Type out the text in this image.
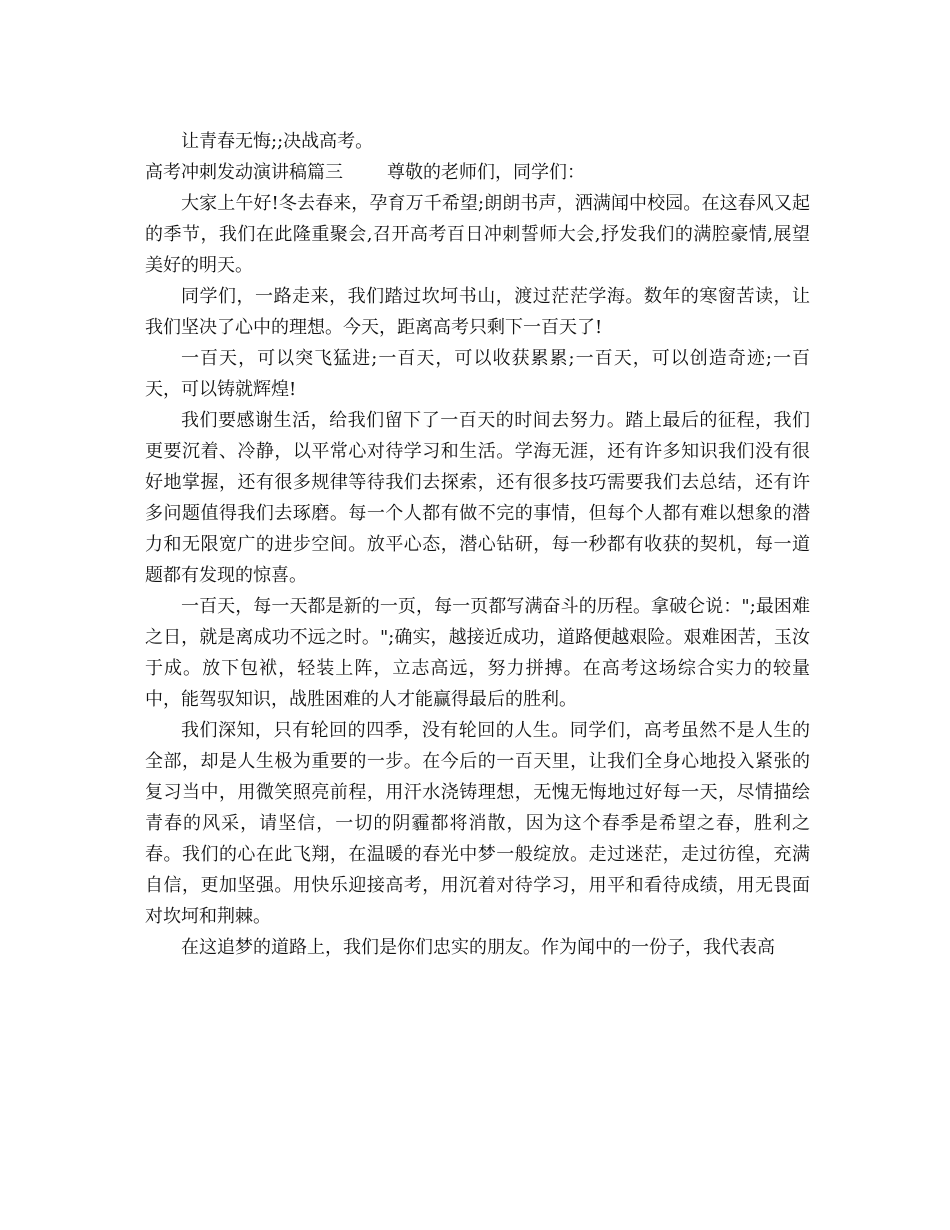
让青春无悔;;决战高考。

高考冲刺发动演讲稿篇三 尊敬的老师们，同学们：

大家上午好!冬去春来，孕育万千希望;朗朗书声，洒满闻中校园。在这春风又起的季节，我们在此隆重聚会,召开高考百日冲刺誓师大会,抒发我们的满腔豪情,展望美好的明天。

同学们，一路走来，我们踏过坎坷书山，渡过茫茫学海。数年的寒窗苦读，让我们坚决了心中的理想。今天，距离高考只剩下一百天了!

一百天，可以突飞猛进;一百天，可以收获累累;一百天，可以创造奇迹;一百天，可以铸就辉煌!

我们要感谢生活，给我们留下了一百天的时间去努力。踏上最后的征程，我们更要沉着、冷静，以平常心对待学习和生活。学海无涯，还有许多知识我们没有很好地掌握，还有很多规律等待我们去探索，还有很多技巧需要我们去总结，还有许多问题值得我们去琢磨。每一个人都有做不完的事情，但每个人都有难以想象的潜力和无限宽广的进步空间。放平心态，潜心钻研，每一秒都有收获的契机，每一道题都有发现的惊喜。

一百天，每一天都是新的一页，每一页都写满奋斗的历程。拿破仑说：";最困难之日，就是离成功不远之时。";确实，越接近成功，道路便越艰险。艰难困苦，玉汝于成。放下包袱，轻装上阵，立志高远，努力拼搏。在高考这场综合实力的较量中，能驾驭知识，战胜困难的人才能赢得最后的胜利。

我们深知，只有轮回的四季，没有轮回的人生。同学们，高考虽然不是人生的全部，却是人生极为重要的一步。在今后的一百天里，让我们全身心地投入紧张的复习当中，用微笑照亮前程，用汗水浇铸理想，无愧无悔地过好每一天，尽情描绘青春的风采，请坚信，一切的阴霾都将消散，因为这个春季是希望之春，胜利之春。我们的心在此飞翔，在温暖的春光中梦一般绽放。走过迷茫，走过彷徨，充满自信，更加坚强。用快乐迎接高考，用沉着对待学习，用平和看待成绩，用无畏面对坎坷和荆棘。

在这追梦的道路上，我们是你们忠实的朋友。作为闻中的一份子，我代表高
